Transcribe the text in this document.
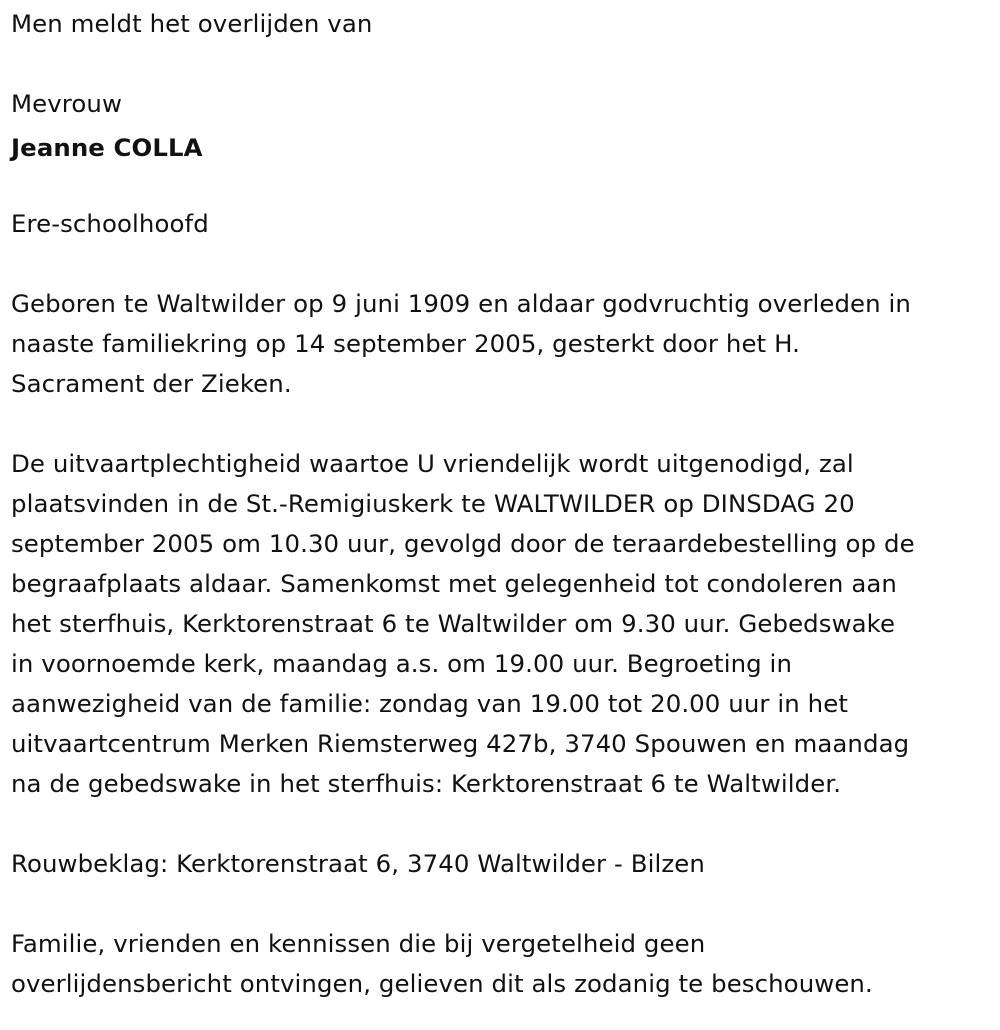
Men meldt het overlijden van
Mevrouw
Jeanne COLLA
Ere-schoolhoofd
Geboren te Waltwilder op 9 juni 1909 en aldaar godvruchtig overleden in
naaste familiekring op 14 september 2005, gesterkt door het H.
Sacrament der Zieken.
De uitvaartplechtigheid waartoe U vriendelijk wordt uitgenodigd, zal
plaatsvinden in de St.-Remigiuskerk te WALTWILDER op DINSDAG 20
september 2005 om 10.30 uur, gevolgd door de teraardebestelling op de
begraafplaats aldaar. Samenkomst met gelegenheid tot condoleren aan
het sterfhuis, Kerktorenstraat 6 te Waltwilder om 9.30 uur. Gebedswake
in voornoemde kerk, maandag a.s. om 19.00 uur. Begroeting in
aanwezigheid van de familie: zondag van 19.00 tot 20.00 uur in het
uitvaartcentrum Merken Riemsterweg 427b, 3740 Spouwen en maandag
na de gebedswake in het sterfhuis: Kerktorenstraat 6 te Waltwilder.
Rouwbeklag: Kerktorenstraat 6, 3740 Waltwilder - Bilzen
Familie, vrienden en kennissen die bij vergetelheid geen
overlijdensbericht ontvingen, gelieven dit als zodanig te beschouwen.
